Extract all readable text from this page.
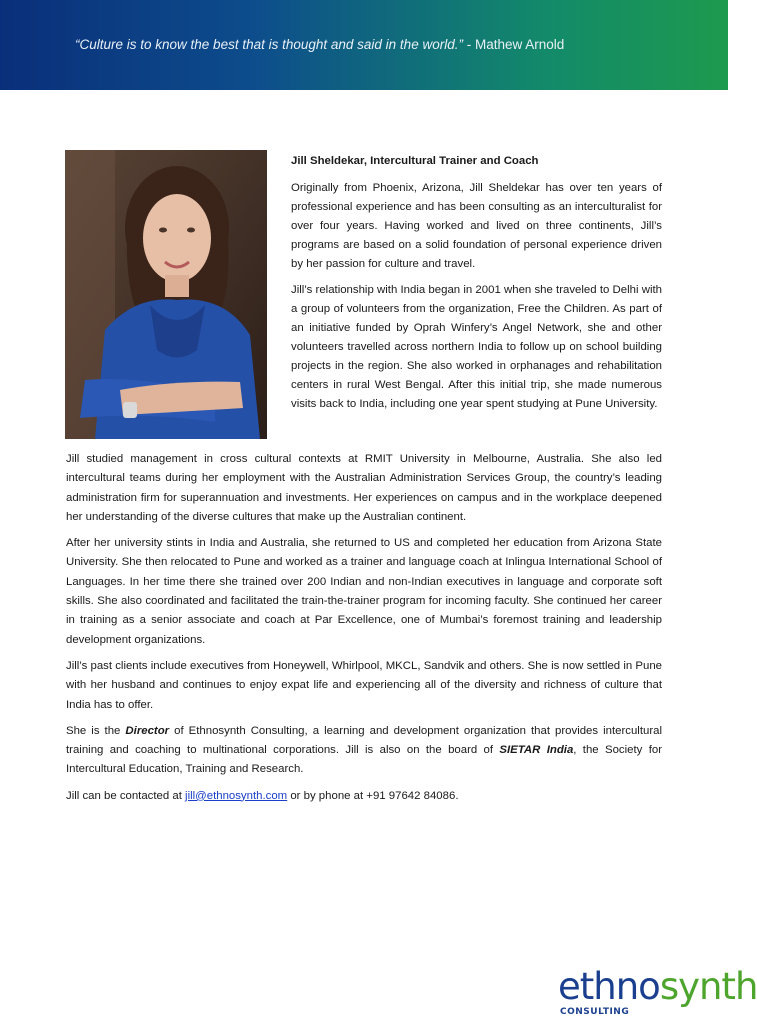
“Culture is to know the best that is thought and said in the world.” - Mathew Arnold
Jill Sheldekar, Intercultural Trainer and Coach

Originally from Phoenix, Arizona, Jill Sheldekar has over ten years of professional experience and has been consulting as an interculturalist for over four years. Having worked and lived on three continents, Jill’s programs are based on a solid foundation of personal experience driven by her passion for culture and travel.

Jill’s relationship with India began in 2001 when she traveled to Delhi with a group of volunteers from the organization, Free the Children. As part of an initiative funded by Oprah Winfery’s Angel Network, she and other volunteers travelled across northern India to follow up on school building projects in the region. She also worked in orphanages and rehabilitation centers in rural West Bengal. After this initial trip, she made numerous visits back to India, including one year spent studying at Pune University.

Jill studied management in cross cultural contexts at RMIT University in Melbourne, Australia. She also led intercultural teams during her employment with the Australian Administration Services Group, the country’s leading administration firm for superannuation and investments. Her experiences on campus and in the workplace deepened her understanding of the diverse cultures that make up the Australian continent.

After her university stints in India and Australia, she returned to US and completed her education from Arizona State University. She then relocated to Pune and worked as a trainer and language coach at Inlingua International School of Languages. In her time there she trained over 200 Indian and non-Indian executives in language and corporate soft skills. She also coordinated and facilitated the train-the-trainer program for incoming faculty. She continued her career in training as a senior associate and coach at Par Excellence, one of Mumbai’s foremost training and leadership development organizations.

Jill’s past clients include executives from Honeywell, Whirlpool, MKCL, Sandvik and others. She is now settled in Pune with her husband and continues to enjoy expat life and experiencing all of the diversity and richness of culture that India has to offer.

She is the Director of Ethnosynth Consulting, a learning and development organization that provides intercultural training and coaching to multinational corporations. Jill is also on the board of SIETAR India, the Society for Intercultural Education, Training and Research.

Jill can be contacted at jill@ethnosynth.com or by phone at +91 97642 84086.

ethnosynth
CONSULTING
